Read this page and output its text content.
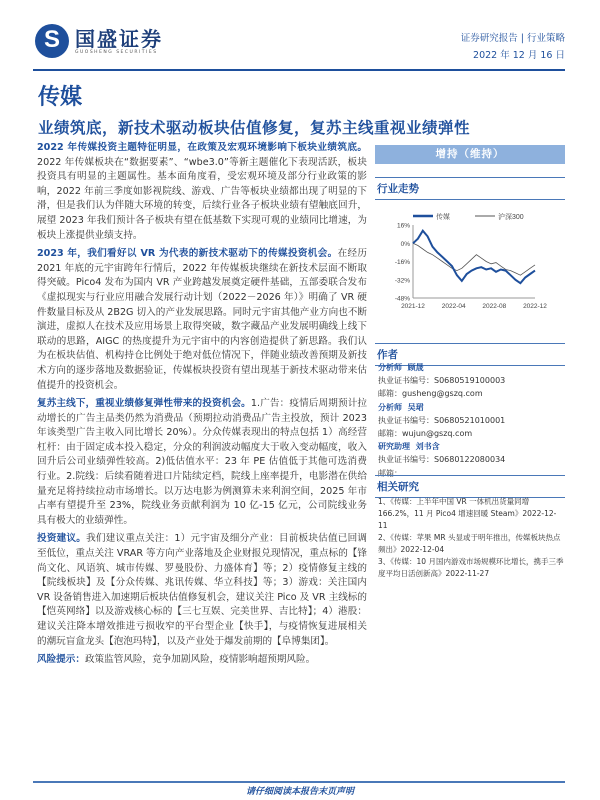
S
国盛证券
GUOSHENG SECURITIES
证券研究报告 | 行业策略
2022 年 12 月 16 日
传媒
业绩筑底，新技术驱动板块估值修复，复苏主线重视业绩弹性

2022 年传媒投资主题特征明显，在政策及宏观环境影响下板块业绩筑底。2022 年传媒板块在“数据要素”、“wbe3.0”等新主题催化下表现活跃，板块投资具有明显的主题属性。基本面角度看，受宏观环境及部分行业政策的影响，2022 年前三季度如影视院线、游戏、广告等板块业绩都出现了明显的下滑，但是我们认为伴随大环境的转变，后续行业各子板块业绩有望触底回升，展望 2023 年我们预计各子板块有望在低基数下实现可观的业绩同比增速，为板块上涨提供业绩支持。

2023 年，我们看好以 VR 为代表的新技术驱动下的传媒投资机会。在经历 2021 年底的元宇宙跨年行情后，2022 年传媒板块继续在新技术层面不断取得突破。Pico4 发布为国内 VR 产业跨越发展奠定硬件基础，五部委联合发布《虚拟现实与行业应用融合发展行动计划（2022－2026 年）》明确了 VR 硬件数量目标及从 2B2G 切入的产业发展思路。同时元宇宙其他产业方向也不断演进，虚拟人在技术及应用场景上取得突破，数字藏品产业发展明确线上线下联动的思路，AIGC 的热度提升为元宇宙中的内容创造提供了新思路。我们认为在板块估值、机构持仓比例处于绝对低位情况下，伴随业绩改善预期及新技术方向的逐步落地及数据验证，传媒板块投资有望出现基于新技术驱动带来估值提升的投资机会。

复苏主线下，重视业绩修复弹性带来的投资机会。1.广告：疫情后周期预计拉动增长的广告主品类仍然为消费品（预期拉动消费品广告主投放，预计 2023 年该类型广告主收入同比增长 20%）。分众传媒表现出的特点包括 1）高经营杠杆：由于固定成本投入稳定，分众的利润波动幅度大于收入变动幅度，收入回升后公司业绩弹性较高。2)低估值水平：23 年 PE 估值低于其他可选消费行业。2.院线：后续看随着进口片陆续定档，院线上座率提升，电影潜在供给量充足将持续拉动市场增长。以万达电影为例测算未来利润空间，2025 年市占率有望提升至 23%，院线业务贡献利润为 10 亿-15 亿元，公司院线业务具有极大的业绩弹性。

投资建议。我们建议重点关注：1）元宇宙及细分产业：目前板块估值已回调至低位，重点关注 VRAR 等方向产业落地及企业财报兑现情况，重点标的【锋尚文化、风语筑、城市传媒、罗曼股份、力盛体育】等；2）疫情修复主线的【院线板块】及【分众传媒、兆讯传媒、华立科技】等；3）游戏：关注国内 VR 设备销售进入加速期后板块估值修复机会，建议关注 Pico 及 VR 主线标的【恺英网络】以及游戏核心标的【三七互娱、完美世界、吉比特】；4）港股：建议关注降本增效推进亏损收窄的平台型企业【快手】，与疫情恢复进展相关的潮玩盲盒龙头【泡泡玛特】，以及产业处于爆发前期的【阜博集团】。

风险提示：政策监管风险，竞争加剧风险，疫情影响超预期风险。

增持（维持）
行业走势
传媒	沪深300
16%
0%
-16%
-32%
-48%
2021-12	2022-04	2022-08	2022-12
作者
分析师 顾晟
执业证书编号：S0680519100003
邮箱：gusheng@gszq.com
分析师 吴珺
执业证书编号：S0680521010001
邮箱：wujun@gszq.com
研究助理 刘书含
执业证书编号：S0680122080034
邮箱：
相关研究
1、《传媒：上半年中国 VR 一体机出货量同增 166.2%，11 月 Pico4 增速回暖 Steam》2022-12-11
2、《传媒：苹果 MR 头显或于明年推出，传媒板块热点频出》2022-12-04
3、《传媒：10 月国内游戏市场规模环比增长，携手三季度平均日活创新高》2022-11-27
请仔细阅读本报告末页声明
